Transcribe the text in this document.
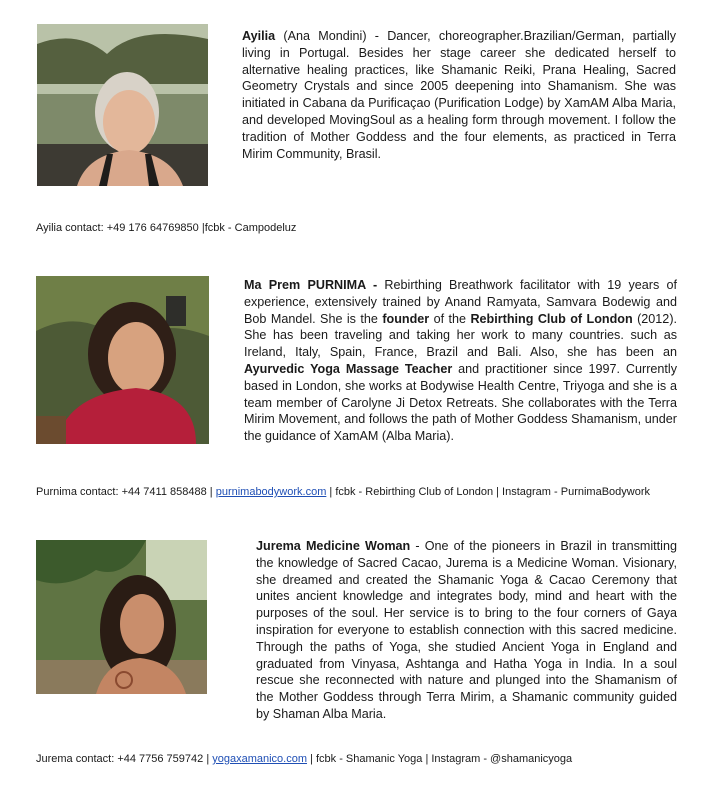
Ayilia (Ana Mondini) - Dancer, choreographer.Brazilian/German, partially living in Portugal. Besides her stage career she dedicated herself to alternative healing practices, like Shamanic Reiki, Prana Healing, Sacred Geometry Crystals and since 2005 deepening into Shamanism. She was initiated in Cabana da Purificaçao (Purification Lodge) by XamAM Alba Maria, and developed MovingSoul as a healing form through movement. I follow the tradition of Mother Goddess and the four elements, as practiced in Terra Mirim Community, Brasil.
Ayilia contact: +49 176 64769850 |fcbk - Campodeluz
Ma Prem PURNIMA - Rebirthing Breathwork facilitator with 19 years of experience, extensively trained by Anand Ramyata, Samvara Bodewig and Bob Mandel. She is the founder of the Rebirthing Club of London (2012). She has been traveling and taking her work to many countries. such as Ireland, Italy, Spain, France, Brazil and Bali. Also, she has been an Ayurvedic Yoga Massage Teacher and practitioner since 1997. Currently based in London, she works at Bodywise Health Centre, Triyoga and she is a team member of Carolyne Ji Detox Retreats. She collaborates with the Terra Mirim Movement, and follows the path of Mother Goddess Shamanism, under the guidance of XamAM (Alba Maria).
Purnima contact: +44 7411 858488 | purnimabodywork.com | fcbk - Rebirthing Club of London | Instagram - PurnimaBodywork
Jurema Medicine Woman - One of the pioneers in Brazil in transmitting the knowledge of Sacred Cacao, Jurema is a Medicine Woman. Visionary, she dreamed and created the Shamanic Yoga & Cacao Ceremony that unites ancient knowledge and integrates body, mind and heart with the purposes of the soul. Her service is to bring to the four corners of Gaya inspiration for everyone to establish connection with this sacred medicine. Through the paths of Yoga, she studied Ancient Yoga in England and graduated from Vinyasa, Ashtanga and Hatha Yoga in India. In a soul rescue she reconnected with nature and plunged into the Shamanism of the Mother Goddess through Terra Mirim, a Shamanic community guided by Shaman Alba Maria.
Jurema contact: +44 7756 759742 | yogaxamanico.com | fcbk - Shamanic Yoga | Instagram - @shamanicyoga
